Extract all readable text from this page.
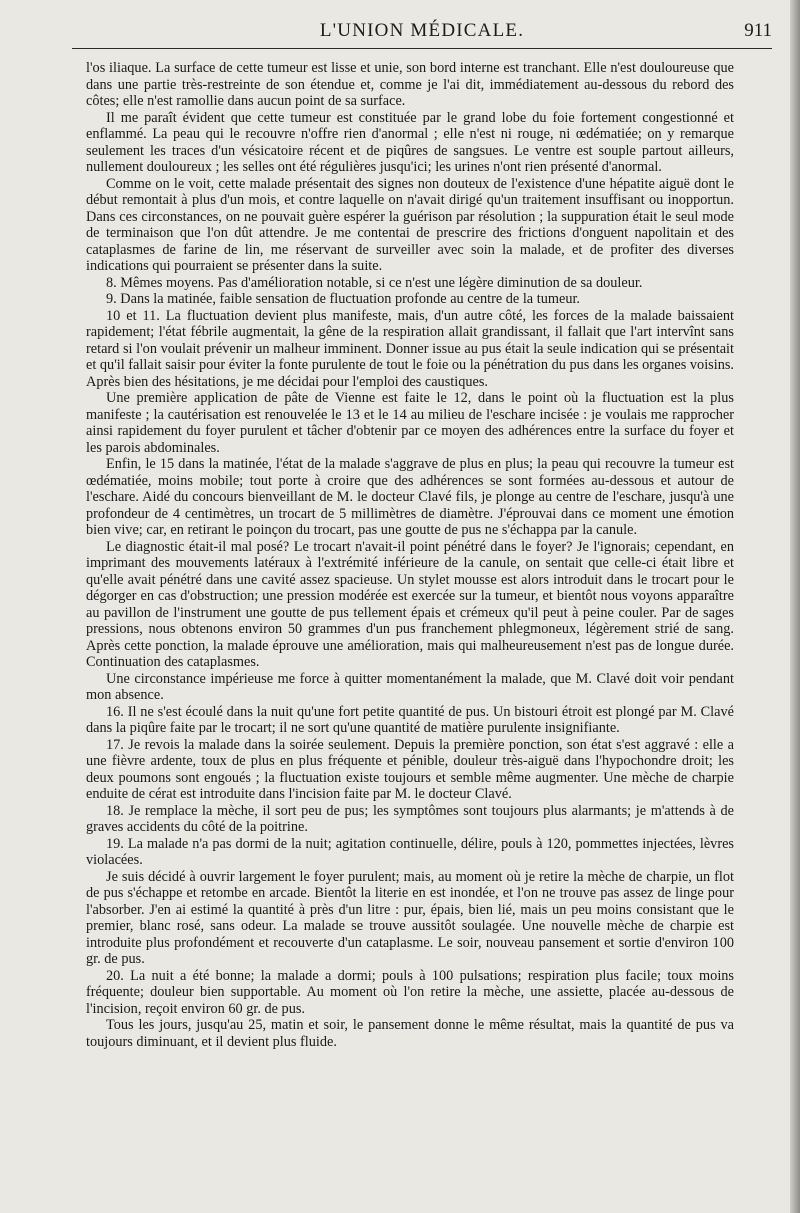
L'UNION MÉDICALE.	911

l'os iliaque. La surface de cette tumeur est lisse et unie, son bord interne est tranchant. Elle n'est douloureuse que dans une partie très-restreinte de son étendue et, comme je l'ai dit, immédiatement au-dessous du rebord des côtes; elle n'est ramollie dans aucun point de sa surface.

Il me paraît évident que cette tumeur est constituée par le grand lobe du foie fortement congestionné et enflammé. La peau qui le recouvre n'offre rien d'anormal ; elle n'est ni rouge, ni œdématiée; on y remarque seulement les traces d'un vésicatoire récent et de piqûres de sangsues. Le ventre est souple partout ailleurs, nullement douloureux ; les selles ont été régulières jusqu'ici; les urines n'ont rien présenté d'anormal.

Comme on le voit, cette malade présentait des signes non douteux de l'existence d'une hépatite aiguë dont le début remontait à plus d'un mois, et contre laquelle on n'avait dirigé qu'un traitement insuffisant ou inopportun. Dans ces circonstances, on ne pouvait guère espérer la guérison par résolution ; la suppuration était le seul mode de terminaison que l'on dût attendre. Je me contentai de prescrire des frictions d'onguent napolitain et des cataplasmes de farine de lin, me réservant de surveiller avec soin la malade, et de profiter des diverses indications qui pourraient se présenter dans la suite.

8. Mêmes moyens. Pas d'amélioration notable, si ce n'est une légère diminution de sa douleur.

9. Dans la matinée, faible sensation de fluctuation profonde au centre de la tumeur.

10 et 11. La fluctuation devient plus manifeste, mais, d'un autre côté, les forces de la malade baissaient rapidement; l'état fébrile augmentait, la gêne de la respiration allait grandissant, il fallait que l'art intervînt sans retard si l'on voulait prévenir un malheur imminent. Donner issue au pus était la seule indication qui se présentait et qu'il fallait saisir pour éviter la fonte purulente de tout le foie ou la pénétration du pus dans les organes voisins. Après bien des hésitations, je me décidai pour l'emploi des caustiques.

Une première application de pâte de Vienne est faite le 12, dans le point où la fluctuation est la plus manifeste ; la cautérisation est renouvelée le 13 et le 14 au milieu de l'eschare incisée : je voulais me rapprocher ainsi rapidement du foyer purulent et tâcher d'obtenir par ce moyen des adhérences entre la surface du foyer et les parois abdominales.

Enfin, le 15 dans la matinée, l'état de la malade s'aggrave de plus en plus; la peau qui recouvre la tumeur est œdématiée, moins mobile; tout porte à croire que des adhérences se sont formées au-dessous et autour de l'eschare. Aidé du concours bienveillant de M. le docteur Clavé fils, je plonge au centre de l'eschare, jusqu'à une profondeur de 4 centimètres, un trocart de 5 millimètres de diamètre. J'éprouvai dans ce moment une émotion bien vive; car, en retirant le poinçon du trocart, pas une goutte de pus ne s'échappa par la canule.

Le diagnostic était-il mal posé? Le trocart n'avait-il point pénétré dans le foyer? Je l'ignorais; cependant, en imprimant des mouvements latéraux à l'extrémité inférieure de la canule, on sentait que celle-ci était libre et qu'elle avait pénétré dans une cavité assez spacieuse. Un stylet mousse est alors introduit dans le trocart pour le dégorger en cas d'obstruction; une pression modérée est exercée sur la tumeur, et bientôt nous voyons apparaître au pavillon de l'instrument une goutte de pus tellement épais et crémeux qu'il peut à peine couler. Par de sages pressions, nous obtenons environ 50 grammes d'un pus franchement phlegmoneux, légèrement strié de sang. Après cette ponction, la malade éprouve une amélioration, mais qui malheureusement n'est pas de longue durée. Continuation des cataplasmes.

Une circonstance impérieuse me force à quitter momentanément la malade, que M. Clavé doit voir pendant mon absence.

16. Il ne s'est écoulé dans la nuit qu'une fort petite quantité de pus. Un bistouri étroit est plongé par M. Clavé dans la piqûre faite par le trocart; il ne sort qu'une quantité de matière purulente insignifiante.

17. Je revois la malade dans la soirée seulement. Depuis la première ponction, son état s'est aggravé : elle a une fièvre ardente, toux de plus en plus fréquente et pénible, douleur très-aiguë dans l'hypochondre droit; les deux poumons sont engoués ; la fluctuation existe toujours et semble même augmenter. Une mèche de charpie enduite de cérat est introduite dans l'incision faite par M. le docteur Clavé.

18. Je remplace la mèche, il sort peu de pus; les symptômes sont toujours plus alarmants; je m'attends à de graves accidents du côté de la poitrine.

19. La malade n'a pas dormi de la nuit; agitation continuelle, délire, pouls à 120, pommettes injectées, lèvres violacées.

Je suis décidé à ouvrir largement le foyer purulent; mais, au moment où je retire la mèche de charpie, un flot de pus s'échappe et retombe en arcade. Bientôt la literie en est inondée, et l'on ne trouve pas assez de linge pour l'absorber. J'en ai estimé la quantité à près d'un litre : pur, épais, bien lié, mais un peu moins consistant que le premier, blanc rosé, sans odeur. La malade se trouve aussitôt soulagée. Une nouvelle mèche de charpie est introduite plus profondément et recouverte d'un cataplasme. Le soir, nouveau pansement et sortie d'environ 100 gr. de pus.

20. La nuit a été bonne; la malade a dormi; pouls à 100 pulsations; respiration plus facile; toux moins fréquente; douleur bien supportable. Au moment où l'on retire la mèche, une assiette, placée au-dessous de l'incision, reçoit environ 60 gr. de pus.

Tous les jours, jusqu'au 25, matin et soir, le pansement donne le même résultat, mais la quantité de pus va toujours diminuant, et il devient plus fluide.
